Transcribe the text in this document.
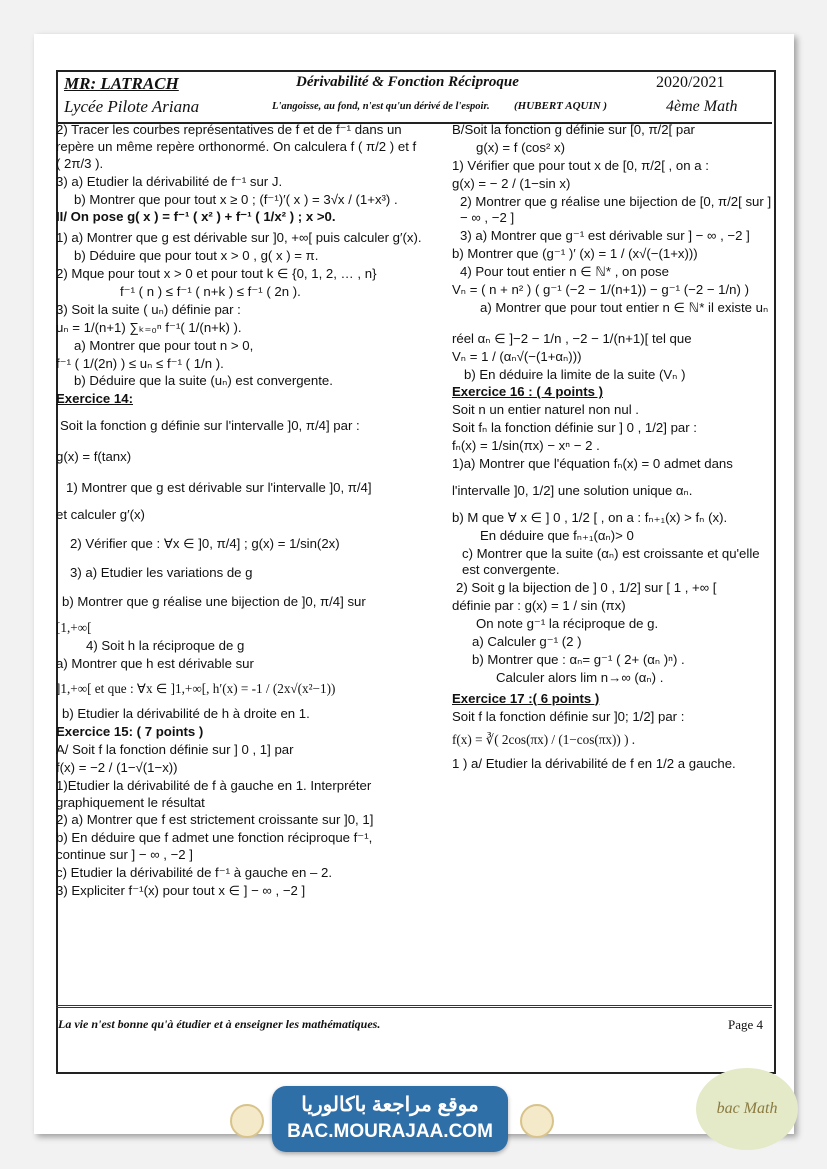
MR: LATRACH	Dérivabilité & Fonction Réciproque	2020/2021
Lycée Pilote Ariana	L'angoisse, au fond, n'est qu'un dérivé de l'espoir. (HUBERT AQUIN )	4ème Math

2) Tracer les courbes représentatives de f et de f⁻¹ dans un repère un même repère orthonormé. On calculera f ( π/2 ) et f ( 2π/3 ).

3) a) Etudier la dérivabilité de f⁻¹ sur J.

b) Montrer que pour tout x ≥ 0 ; (f⁻¹)′( x ) = 3√x / (1+x³) .

II/ On pose g( x ) = f⁻¹ ( x² ) + f⁻¹ ( 1/x² ) ; x >0.

1) a) Montrer que g est dérivable sur ]0, +∞[ puis calculer g′(x).

b) Déduire que pour tout x > 0 , g( x ) = π.

2) Mque pour tout x > 0 et pour tout k ∈ {0, 1, 2, … , n}

f⁻¹ ( n ) ≤ f⁻¹ ( n+k ) ≤ f⁻¹ ( 2n ).

3) Soit la suite ( uₙ) définie par :

uₙ = 1/(n+1) ∑ₖ₌₀ⁿ f⁻¹( 1/(n+k) ).

a) Montrer que pour tout n > 0,

f⁻¹ ( 1/(2n) ) ≤ uₙ ≤ f⁻¹ ( 1/n ).

b) Déduire que la suite (uₙ) est convergente.

Exercice 14:

Soit la fonction g définie sur l'intervalle ]0, π/4] par :

g(x) = f(tanx)

1) Montrer que g est dérivable sur l'intervalle ]0, π/4]

et calculer g′(x)

2) Vérifier que : ∀x ∈ ]0, π/4] ; g(x) = 1/sin(2x)

3) a) Etudier les variations de g

b) Montrer que g réalise une bijection de ]0, π/4] sur

[1,+∞[

4) Soit h la réciproque de g

a) Montrer que h est dérivable sur

]1,+∞[ et que : ∀x ∈ ]1,+∞[, h′(x) = -1 / (2x√(x²−1))

b) Etudier la dérivabilité de h à droite en 1.

Exercice 15: ( 7 points )

A/ Soit f la fonction définie sur ] 0 , 1] par

f(x) = −2 / (1−√(1−x))

1)Etudier la dérivabilité de f à gauche en 1. Interpréter graphiquement le résultat

2) a) Montrer que f est strictement croissante sur ]0, 1]

b) En déduire que f admet une fonction réciproque f⁻¹, continue sur ] − ∞ , −2 ]

c) Etudier la dérivabilité de f⁻¹ à gauche en – 2.

3) Expliciter f⁻¹(x) pour tout x ∈ ] − ∞ , −2 ]

B/Soit la fonction g définie sur [0, π/2[ par

g(x) = f (cos² x)

1) Vérifier que pour tout x de [0, π/2[ , on a :

g(x) = − 2 / (1−sin x)

2) Montrer que g réalise une bijection de [0, π/2[ sur ] − ∞ , −2 ]

3) a) Montrer que g⁻¹ est dérivable sur ] − ∞ , −2 ]

b) Montrer que (g⁻¹ )′ (x) = 1 / (x√(−(1+x)))

4) Pour tout entier n ∈ ℕ* , on pose

Vₙ = ( n + n² ) ( g⁻¹ (−2 − 1/(n+1)) − g⁻¹ (−2 − 1/n) )

a) Montrer que pour tout entier n ∈ ℕ* il existe uₙ

réel αₙ ∈ ]−2 − 1/n , −2 − 1/(n+1)[ tel que

Vₙ = 1 / (αₙ√(−(1+αₙ)))

b) En déduire la limite de la suite (Vₙ )

Exercice 16 : ( 4 points )

Soit n un entier naturel non nul .

Soit fₙ la fonction définie sur ] 0 , 1/2] par :

fₙ(x) = 1/sin(πx) − xⁿ − 2 .

1)a) Montrer que l'équation fₙ(x) = 0 admet dans

l'intervalle ]0, 1/2] une solution unique αₙ.

b) M que ∀ x ∈ ] 0 , 1/2 [ , on a : fₙ₊₁(x) > fₙ (x).

En déduire que fₙ₊₁(αₙ)> 0

c) Montrer que la suite (αₙ) est croissante et qu'elle est convergente.

2) Soit g la bijection de ] 0 , 1/2] sur [ 1 , +∞ [

définie par : g(x) = 1 / sin (πx)

On note g⁻¹ la réciproque de g.

a) Calculer g⁻¹ (2 )

b) Montrer que : αₙ= g⁻¹ ( 2+ (αₙ )ⁿ) .

Calculer alors lim n→∞ (αₙ) .

Exercice 17 :( 6 points )

Soit f la fonction définie sur ]0; 1/2] par :

f(x) = ∛( 2cos(πx) / (1−cos(πx)) ) .

1 ) a/ Etudier la dérivabilité de f en 1/2 a gauche.

La vie n'est bonne qu'à étudier et à enseigner les mathématiques.	Page 4
موقع مراجعة باكالوريا
BAC.MOURAJAA.COM
bac Math
